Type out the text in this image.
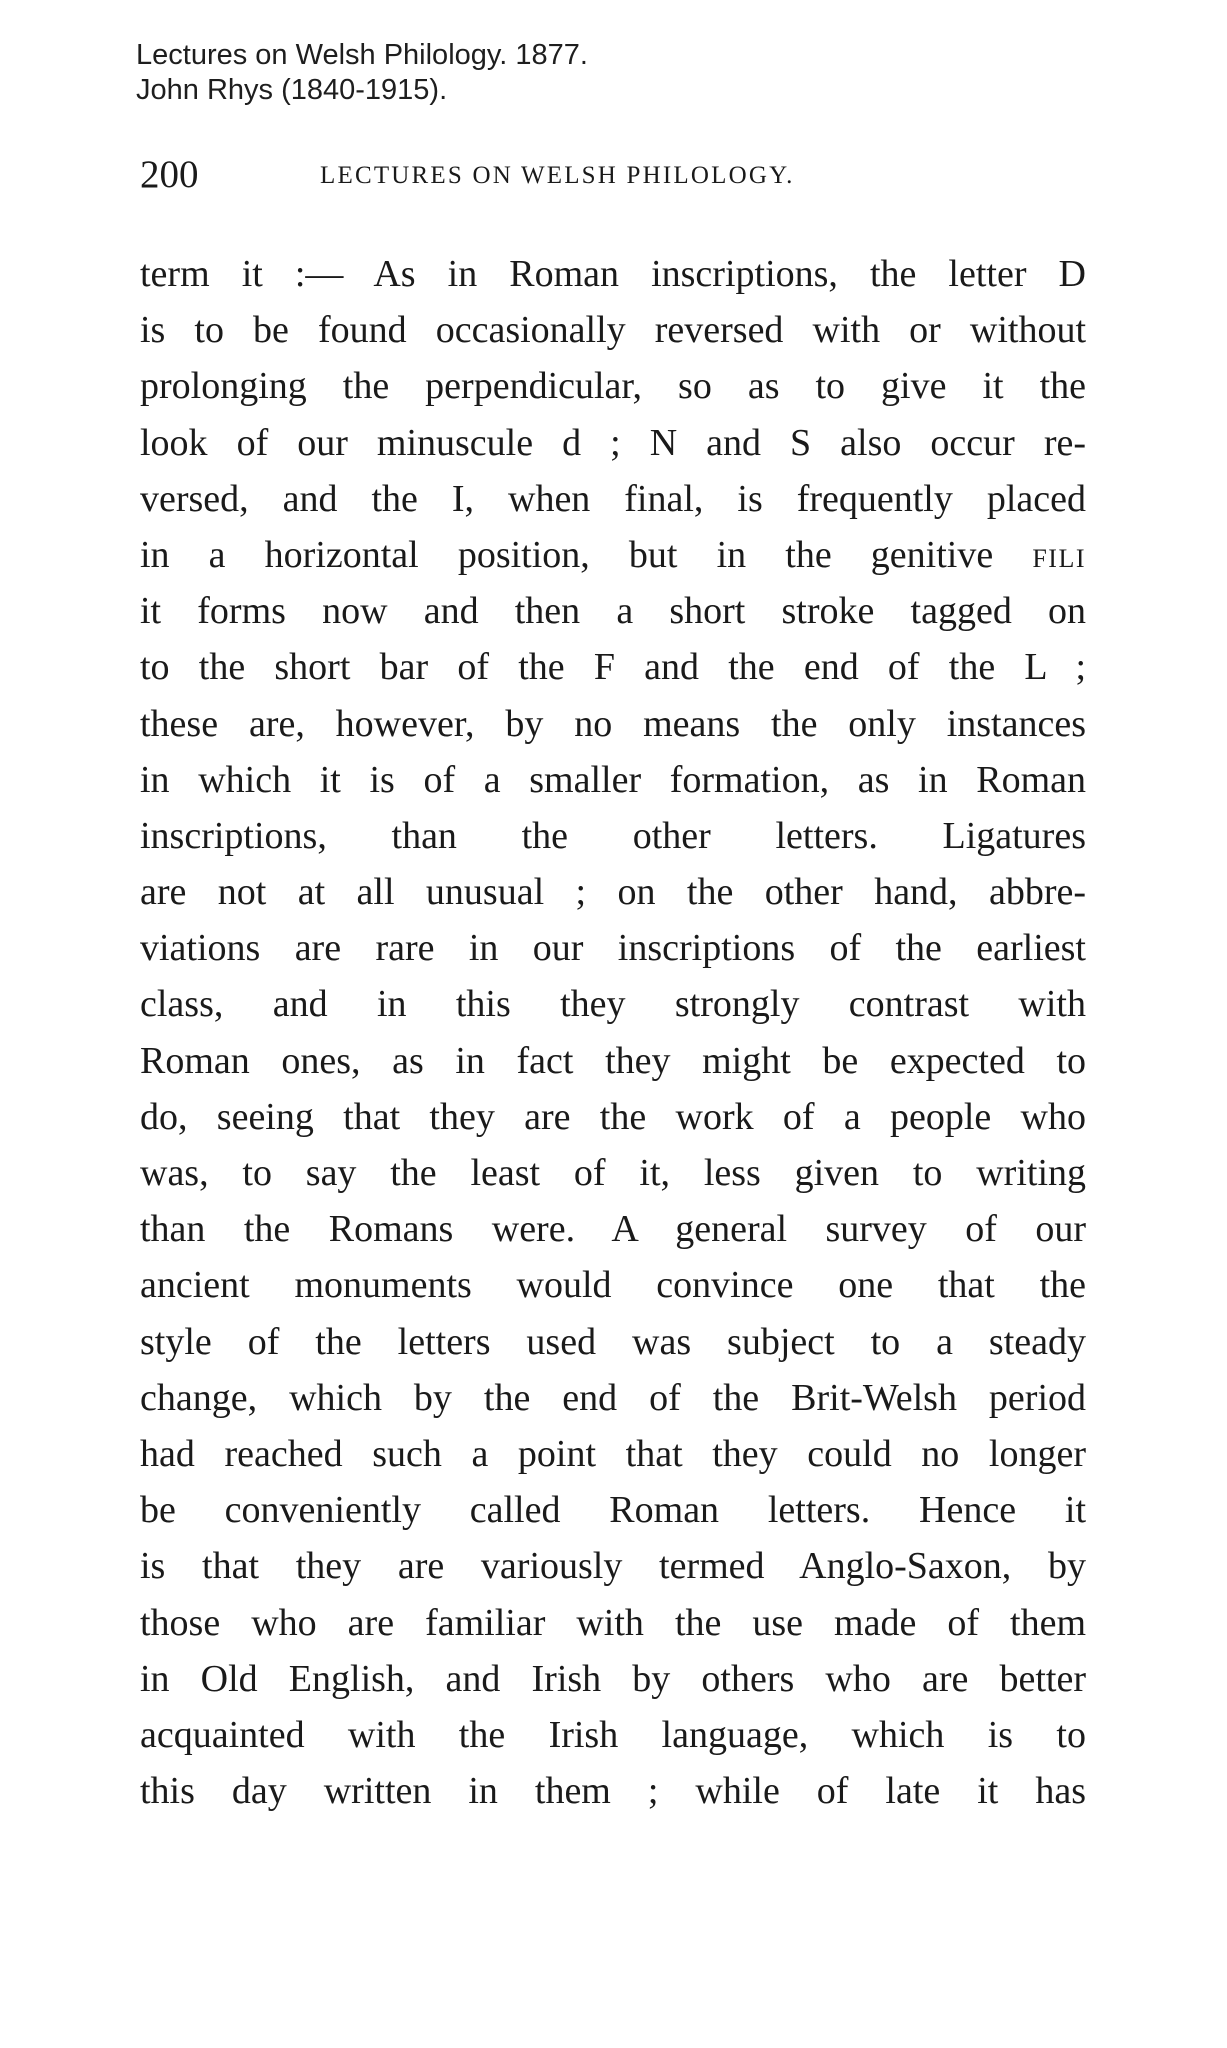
Lectures on Welsh Philology. 1877.
John Rhys (1840-1915).
200	LECTURES ON WELSH PHILOLOGY.
term it :— As in Roman inscriptions, the letter D
is to be found occasionally reversed with or without
prolonging the perpendicular, so as to give it the
look of our minuscule d ; N and S also occur re-
versed, and the I, when final, is frequently placed
in a horizontal position, but in the genitive FILI
it forms now and then a short stroke tagged on
to the short bar of the F and the end of the L ;
these are, however, by no means the only instances
in which it is of a smaller formation, as in Roman
inscriptions, than the other letters. Ligatures
are not at all unusual ; on the other hand, abbre-
viations are rare in our inscriptions of the earliest
class, and in this they strongly contrast with
Roman ones, as in fact they might be expected to
do, seeing that they are the work of a people who
was, to say the least of it, less given to writing
than the Romans were. A general survey of our
ancient monuments would convince one that the
style of the letters used was subject to a steady
change, which by the end of the Brit-Welsh period
had reached such a point that they could no longer
be conveniently called Roman letters. Hence it
is that they are variously termed Anglo-Saxon, by
those who are familiar with the use made of them
in Old English, and Irish by others who are better
acquainted with the Irish language, which is to
this day written in them ; while of late it has
